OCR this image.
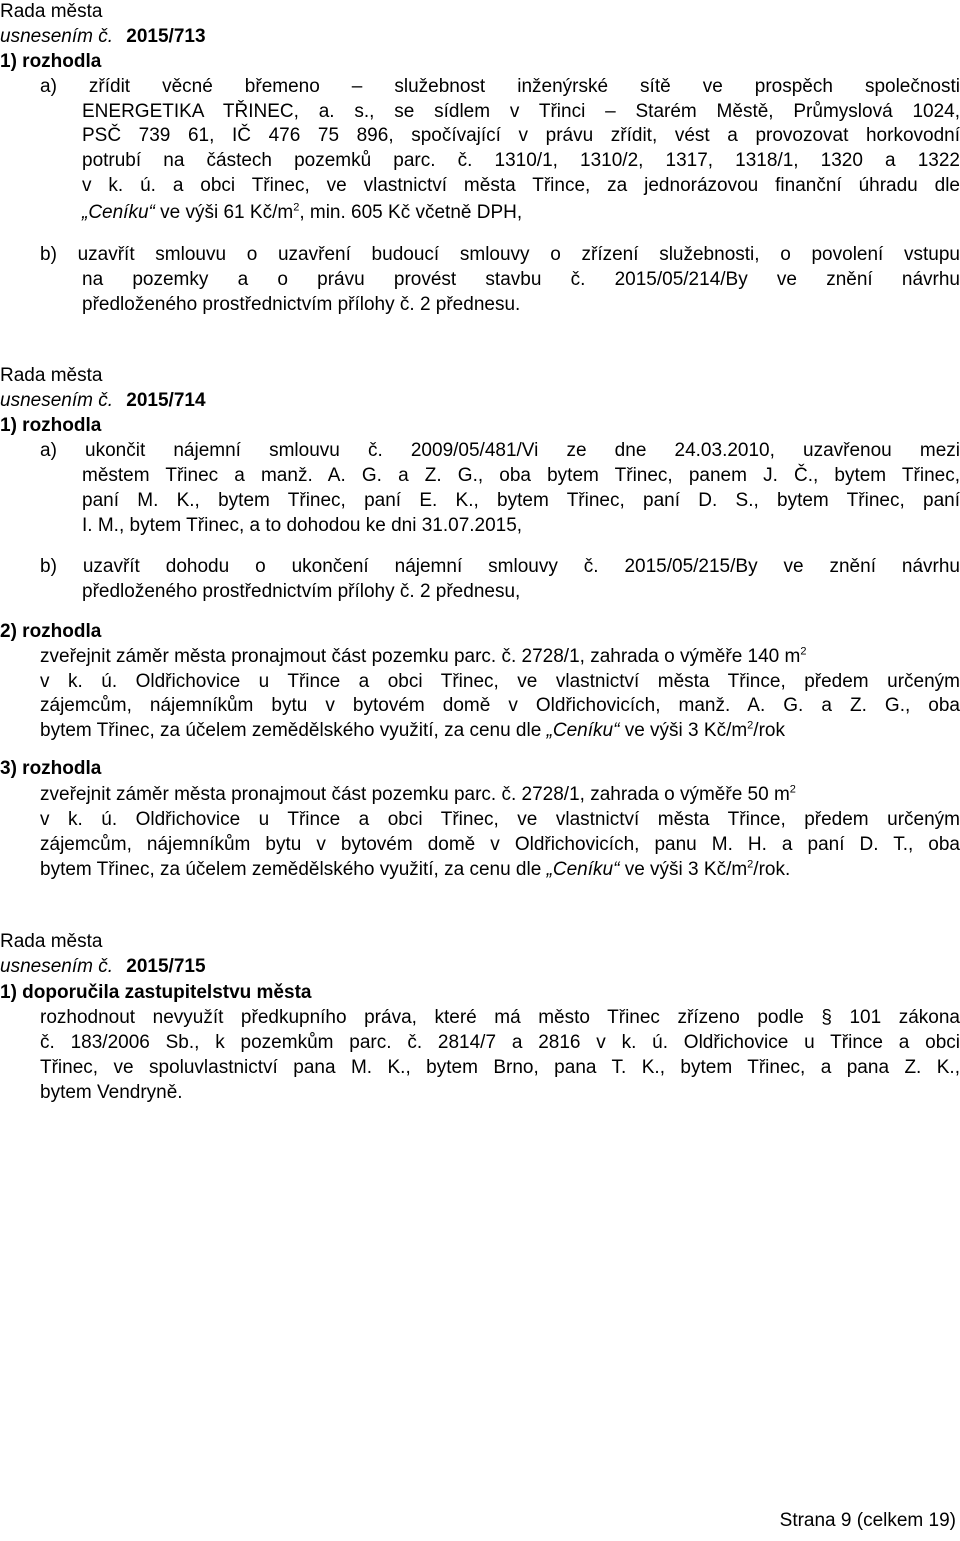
Rada města
usnesením č. 2015/713
1) rozhodla
a) zřídit věcné břemeno – služebnost inženýrské sítě ve prospěch společnosti
ENERGETIKA TŘINEC, a. s., se sídlem v Třinci – Starém Městě, Průmyslová 1024,
PSČ 739 61, IČ 476 75 896, spočívající v právu zřídit, vést a provozovat horkovodní
potrubí na částech pozemků parc. č. 1310/1, 1310/2, 1317, 1318/1, 1320 a 1322
v k. ú. a obci Třinec, ve vlastnictví města Třince, za jednorázovou finanční úhradu dle
„Ceníku“ ve výši 61 $Kč/m^2$, min. 605 Kč včetně DPH,
b) uzavřít smlouvu o uzavření budoucí smlouvy o zřízení služebnosti, o povolení vstupu
na pozemky a o právu provést stavbu č. 2015/05/214/By ve znění návrhu
předloženého prostřednictvím přílohy č. 2 přednesu.
Rada města
usnesením č. 2015/714
1) rozhodla
a) ukončit nájemní smlouvu č. 2009/05/481/Vi ze dne 24.03.2010, uzavřenou mezi
městem Třinec a manž. A. G. a Z. G., oba bytem Třinec, panem J. Č., bytem Třinec,
paní M. K., bytem Třinec, paní E. K., bytem Třinec, paní D. S., bytem Třinec, paní
I. M., bytem Třinec, a to dohodou ke dni 31.07.2015,
b) uzavřít dohodu o ukončení nájemní smlouvy č. 2015/05/215/By ve znění návrhu
předloženého prostřednictvím přílohy č. 2 přednesu,
2) rozhodla
zveřejnit záměr města pronajmout část pozemku parc. č. 2728/1, zahrada o výměře 140 $m^2$
v k. ú. Oldřichovice u Třince a obci Třinec, ve vlastnictví města Třince, předem určeným
zájemcům, nájemníkům bytu v bytovém domě v Oldřichovicích, manž. A. G. a Z. G., oba
bytem Třinec, za účelem zemědělského využití, za cenu dle „Ceníku“ ve výši 3 $Kč/m^2$/rok
3) rozhodla
zveřejnit záměr města pronajmout část pozemku parc. č. 2728/1, zahrada o výměře 50 $m^2$
v k. ú. Oldřichovice u Třince a obci Třinec, ve vlastnictví města Třince, předem určeným
zájemcům, nájemníkům bytu v bytovém domě v Oldřichovicích, panu M. H. a paní D. T., oba
bytem Třinec, za účelem zemědělského využití, za cenu dle „Ceníku“ ve výši 3 $Kč/m^2$/rok.
Rada města
usnesením č. 2015/715
1) doporučila zastupitelstvu města
rozhodnout nevyužít předkupního práva, které má město Třinec zřízeno podle § 101 zákona
č. 183/2006 Sb., k pozemkům parc. č. 2814/7 a 2816 v k. ú. Oldřichovice u Třince a obci
Třinec, ve spoluvlastnictví pana M. K., bytem Brno, pana T. K., bytem Třinec, a pana Z. K.,
bytem Vendryně.
Strana 9 (celkem 19)
